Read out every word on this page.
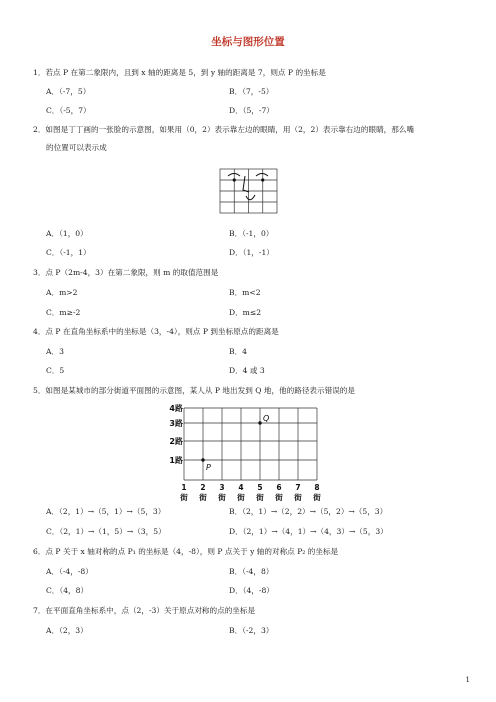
坐标与图形位置
1．若点 P 在第二象限内，且到 x 轴的距离是 5，到 y 轴的距离是 7，则点 P 的坐标是
A．（-7，5）	B．（7，-5）
C．（-5，7）	D．（5，-7）
2．如图是丁丁画的一张脸的示意图，如果用（0，2）表示靠左边的眼睛，用（2，2）表示靠右边的眼睛，那么嘴
的位置可以表示成
A．（1，0）	B．（-1，0）
C．（-1，1）	D．（1，-1）
3．点 P（2m-4，3）在第二象限，则 m 的取值范围是
A．m>2	B．m<2
C．m≥-2	D．m≤2
4．点 P 在直角坐标系中的坐标是（3，-4），则点 P 到坐标原点的距离是
A．3	B．4
C．5	D．4 或 3
5．如图是某城市的部分街道平面图的示意图，某人从 P 地出发到 Q 地，他的路径表示错误的是
4路
3路
2路
1路
1
街
2
街
3
街
4
街
5
街
6
街
7
街
8
街
P
Q
A．（2，1）→（5，1）→（5，3）	B．（2，1）→（2，2）→（5，2）→（5，3）
C．（2，1）→（1，5）→（3，5）	D．（2，1）→（4，1）→（4，3）→（5，3）
6．点 P 关于 x 轴对称的点 P₁ 的坐标是（4，-8），则 P 点关于 y 轴的对称点 P₂ 的坐标是
A．（-4，-8）	B．（-4，8）
C．（4，8）	D．（4，-8）
7．在平面直角坐标系中，点（2，-3）关于原点对称的点的坐标是
A．（2，3）	B．（-2，3）
1
